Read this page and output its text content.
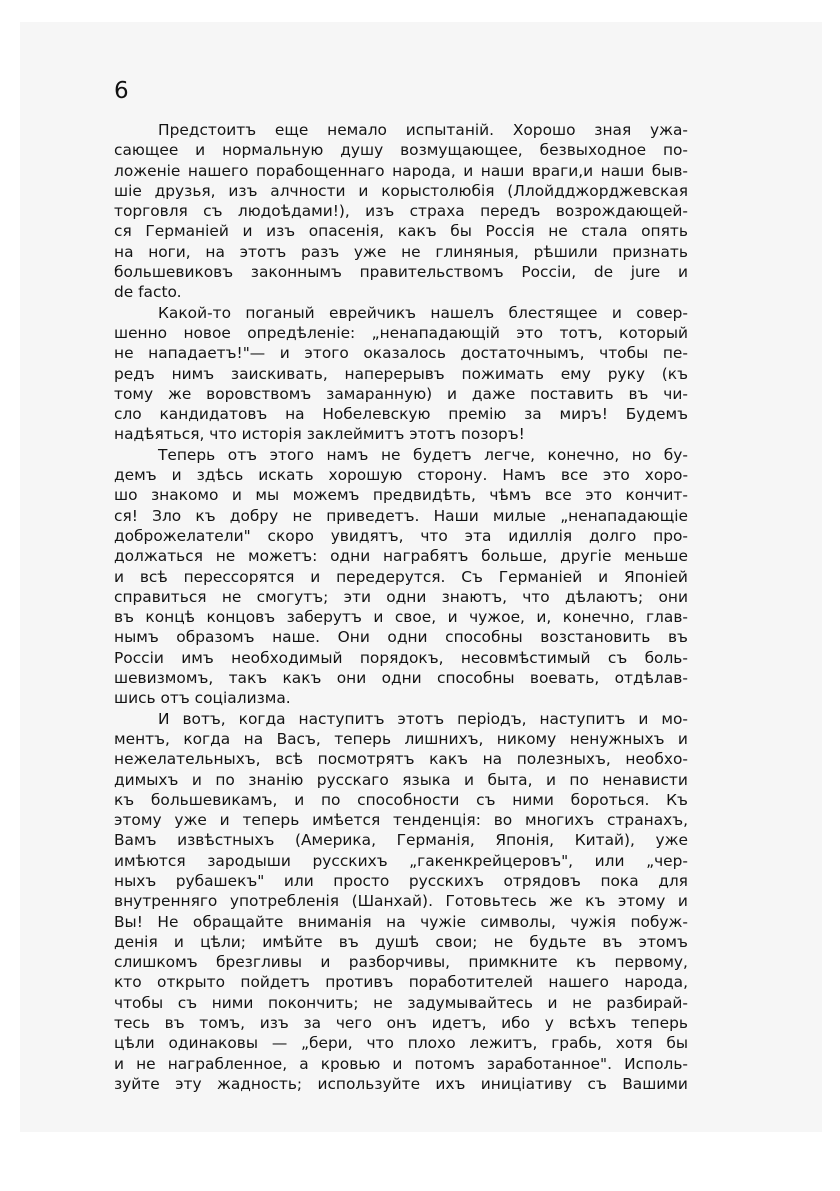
6
Предстоитъ еще немало испытаній. Хорошо зная ужа-
сающее и нормальную душу возмущающее, безвыходное по-
ложеніе нашего порабощеннаго народа, и наши враги,и наши быв-
шіе друзья, изъ алчности и корыстолюбія (Ллойдджорджевская
торговля съ людоѣдами!), изъ страха передъ возрождающей-
ся Германіей и изъ опасенія, какъ бы Россія не стала опять
на ноги, на этотъ разъ уже не глиняныя, рѣшили признать
большевиковъ законнымъ правительствомъ Россіи, de jure и
de facto.
Какой-то поганый еврейчикъ нашелъ блестящее и совер-
шенно новое опредѣленіе: „ненападающій это тотъ, который
не нападаетъ!"— и этого оказалось достаточнымъ, чтобы пе-
редъ нимъ заискивать, наперерывъ пожимать ему руку (къ
тому же воровствомъ замаранную) и даже поставить въ чи-
сло кандидатовъ на Нобелевскую премію за миръ! Будемъ
надѣяться, что исторія заклеймитъ этотъ позоръ!
Теперь отъ этого намъ не будетъ легче, конечно, но бу-
демъ и здѣсь искать хорошую сторону. Намъ все это хоро-
шо знакомо и мы можемъ предвидѣть, чѣмъ все это кончит-
ся! Зло къ добру не приведетъ. Наши милые „ненападающіе
доброжелатели" скоро увидятъ, что эта идиллія долго про-
должаться не можетъ: одни награбятъ больше, другіе меньше
и всѣ перессорятся и передерутся. Съ Германіей и Японіей
справиться не смогутъ; эти одни знаютъ, что дѣлаютъ; они
въ концѣ концовъ заберутъ и свое, и чужое, и, конечно, глав-
нымъ образомъ наше. Они одни способны возстановить въ
Россіи имъ необходимый порядокъ, несовмѣстимый съ боль-
шевизмомъ, такъ какъ они одни способны воевать, отдѣлав-
шись отъ соціализма.
И вотъ, когда наступитъ этотъ періодъ, наступитъ и мо-
ментъ, когда на Васъ, теперь лишнихъ, никому ненужныхъ и
нежелательныхъ, всѣ посмотрятъ какъ на полезныхъ, необхо-
димыхъ и по знанію русскаго языка и быта, и по ненависти
къ большевикамъ, и по способности съ ними бороться. Къ
этому уже и теперь имѣется тенденція: во многихъ странахъ,
Вамъ извѣстныхъ (Америка, Германія, Японія, Китай), уже
имѣются зародыши русскихъ „гакенкрейцеровъ", или „чер-
ныхъ рубашекъ" или просто русскихъ отрядовъ пока для
внутренняго употребленія (Шанхай). Готовьтесь же къ этому и
Вы! Не обращайте вниманія на чужіе символы, чужія побуж-
денія и цѣли; имѣйте въ душѣ свои; не будьте въ этомъ
слишкомъ брезгливы и разборчивы, примкните къ первому,
кто открыто пойдетъ противъ поработителей нашего народа,
чтобы съ ними покончить; не задумывайтесь и не разбирай-
тесь въ томъ, изъ за чего онъ идетъ, ибо у всѣхъ теперь
цѣли одинаковы — „бери, что плохо лежитъ, грабь, хотя бы
и не награбленное, а кровью и потомъ заработанное". Исполь-
зуйте эту жадность; используйте ихъ иниціативу съ Вашими
